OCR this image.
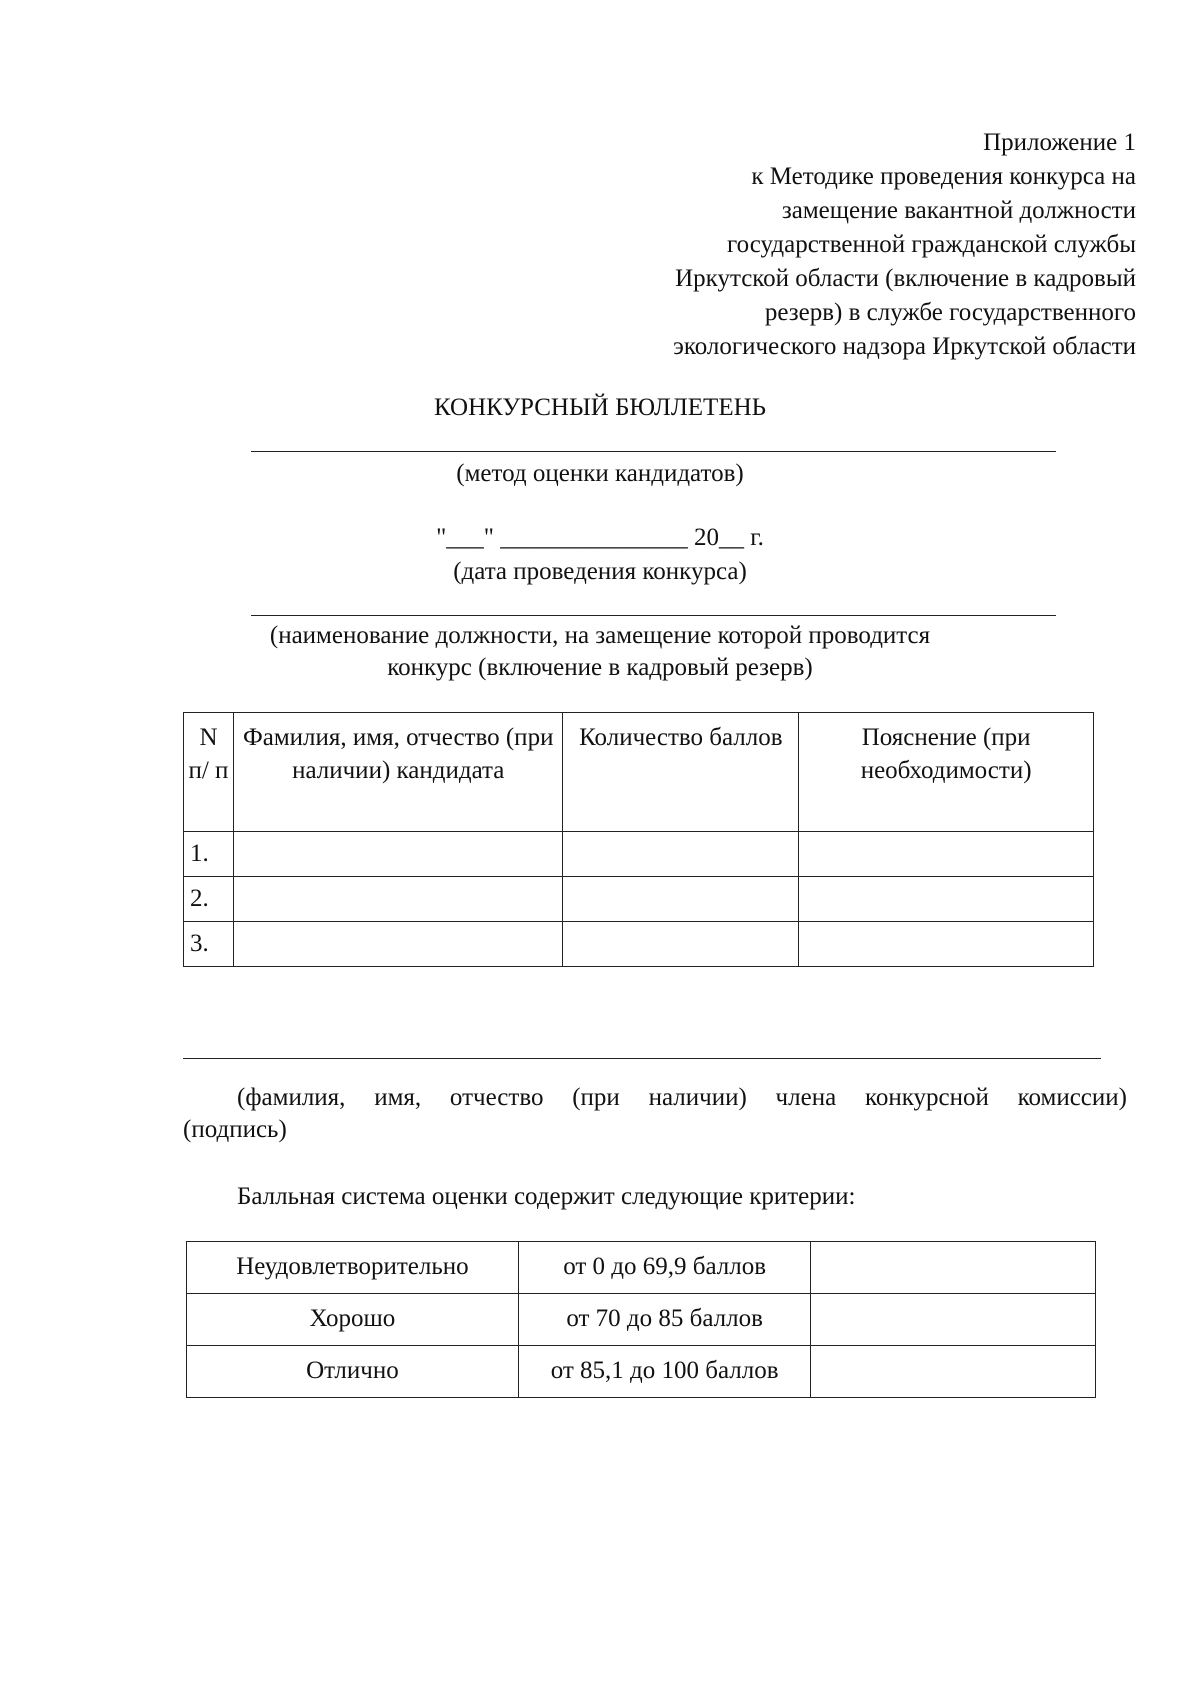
Приложение 1
к Методике проведения конкурса на
замещение вакантной должности
государственной гражданской службы
Иркутской области (включение в кадровый
резерв) в службе государственного
экологического надзора Иркутской области
КОНКУРСНЫЙ БЮЛЛЕТЕНЬ
(метод оценки кандидатов)
"___" _______________ 20__ г.
(дата проведения конкурса)
(наименование должности, на замещение которой проводится
конкурс (включение в кадровый резерв)
N п/ п	Фамилия, имя, отчество (при наличии) кандидата	Количество баллов	Пояснение (при необходимости)
1.			
2.			
3.			
(фамилия, имя, отчество (при наличии) члена конкурсной комиссии)
(подпись)
Балльная система оценки содержит следующие критерии:
Неудовлетворительно	от 0 до 69,9 баллов	
Хорошо	от 70 до 85 баллов	
Отлично	от 85,1 до 100 баллов	
